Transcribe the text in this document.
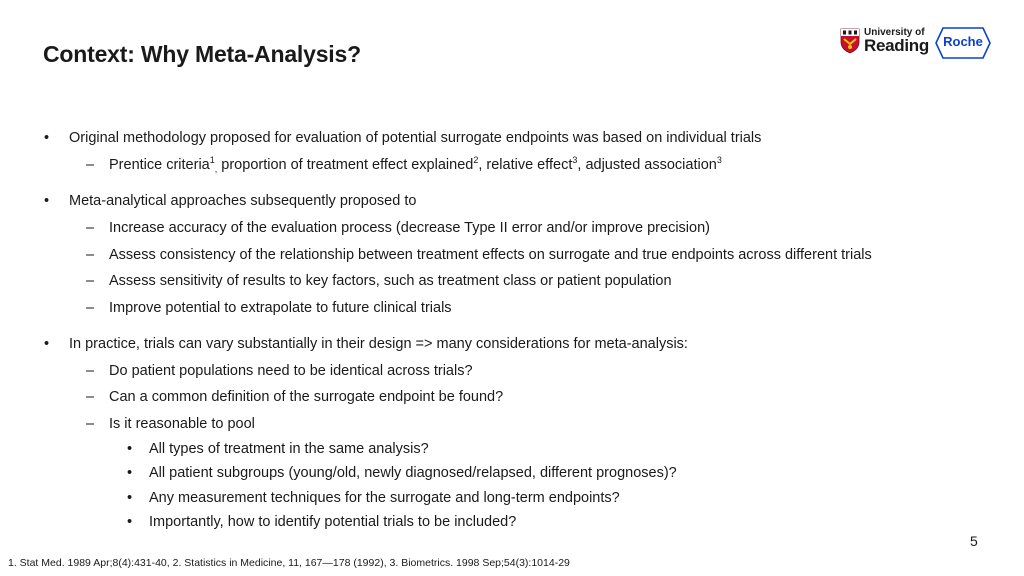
Context: Why Meta-Analysis?
University of
Reading	Roche
•	Original methodology proposed for evaluation of potential surrogate endpoints was based on individual trials
– Prentice criteria$^1_,$ proportion of treatment effect explained$^2$, relative effect$^3$, adjusted association$^3$
•	Meta-analytical approaches subsequently proposed to
– Increase accuracy of the evaluation process (decrease Type II error and/or improve precision)
– Assess consistency of the relationship between treatment effects on surrogate and true endpoints across different trials
– Assess sensitivity of results to key factors, such as treatment class or patient population
– Improve potential to extrapolate to future clinical trials
•	In practice, trials can vary substantially in their design => many considerations for meta-analysis:
– Do patient populations need to be identical across trials?
– Can a common definition of the surrogate endpoint be found?
– Is it reasonable to pool
• All types of treatment in the same analysis?
• All patient subgroups (young/old, newly diagnosed/relapsed, different prognoses)?
• Any measurement techniques for the surrogate and long-term endpoints?
• Importantly, how to identify potential trials to be included?
5
1. Stat Med. 1989 Apr;8(4):431-40, 2. Statistics in Medicine, 11, 167—178 (1992), 3. Biometrics. 1998 Sep;54(3):1014-29
